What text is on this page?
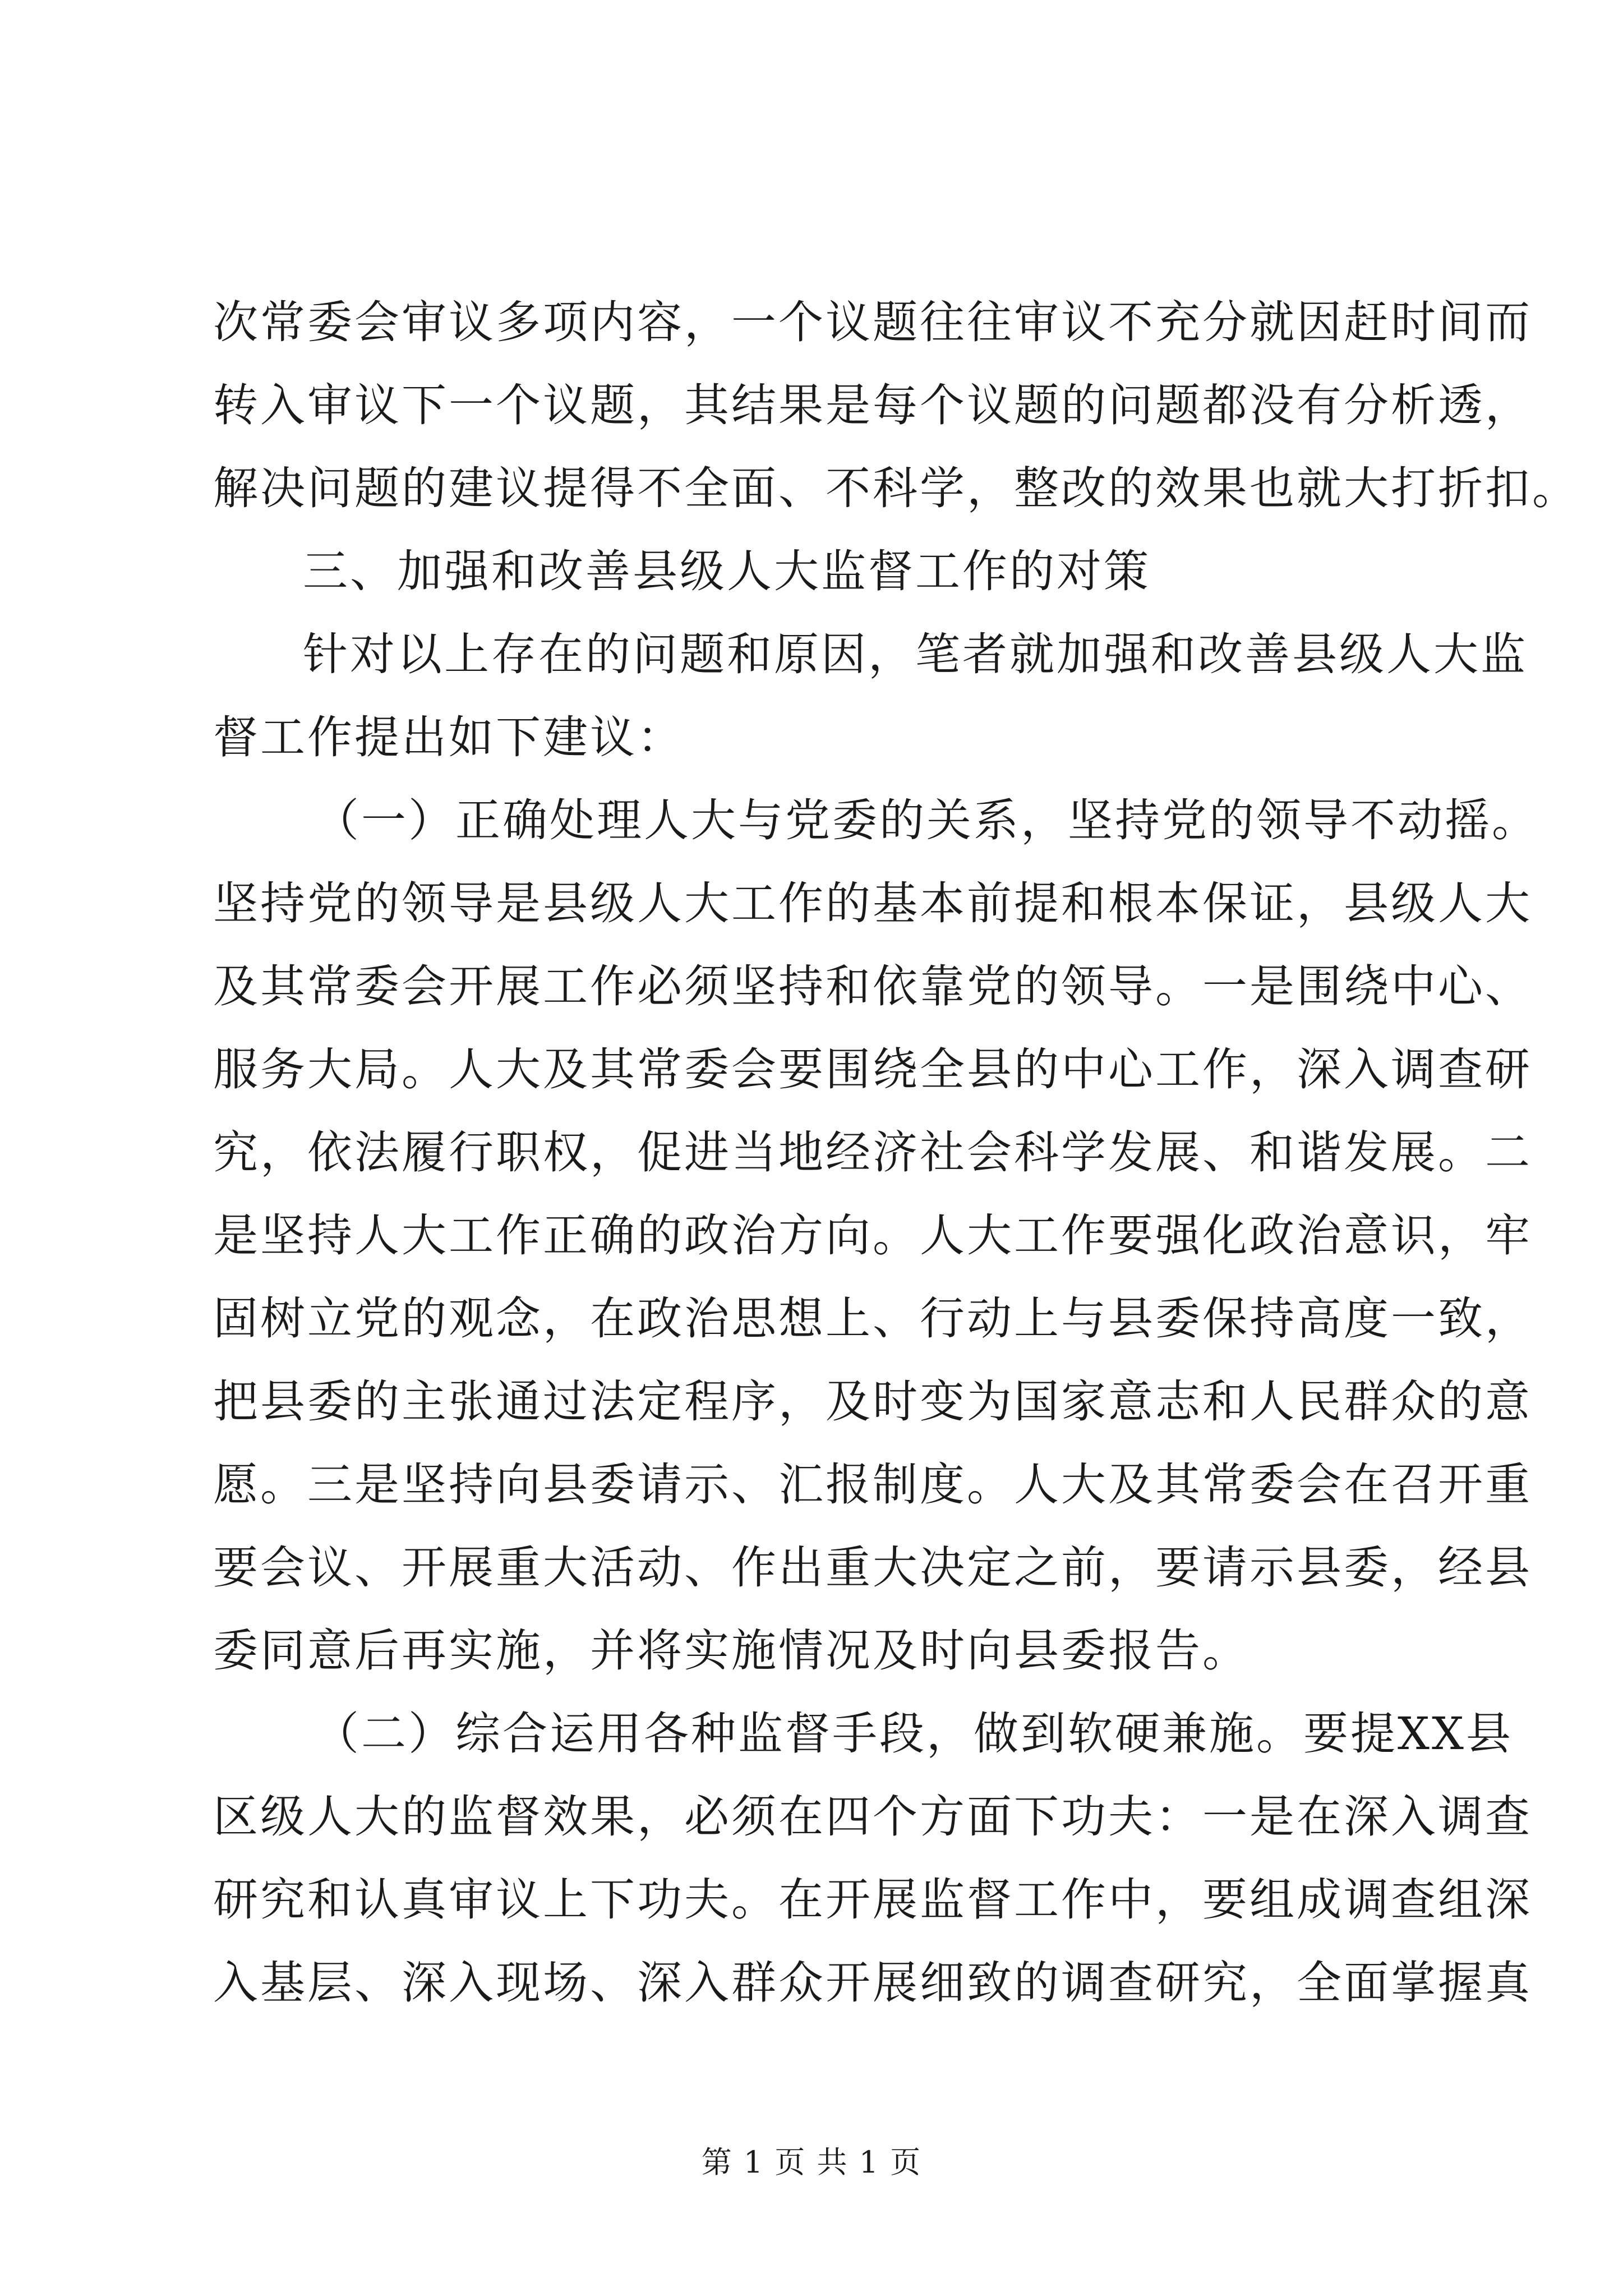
次常委会审议多项内容，一个议题往往审议不充分就因赶时间而
转入审议下一个议题，其结果是每个议题的问题都没有分析透，
解决问题的建议提得不全面、不科学，整改的效果也就大打折扣。
三、加强和改善县级人大监督工作的对策
针对以上存在的问题和原因，笔者就加强和改善县级人大监
督工作提出如下建议：
（一）正确处理人大与党委的关系，坚持党的领导不动摇。
坚持党的领导是县级人大工作的基本前提和根本保证，县级人大
及其常委会开展工作必须坚持和依靠党的领导。一是围绕中心、
服务大局。人大及其常委会要围绕全县的中心工作，深入调查研
究，依法履行职权，促进当地经济社会科学发展、和谐发展。二
是坚持人大工作正确的政治方向。人大工作要强化政治意识，牢
固树立党的观念，在政治思想上、行动上与县委保持高度一致，
把县委的主张通过法定程序，及时变为国家意志和人民群众的意
愿。三是坚持向县委请示、汇报制度。人大及其常委会在召开重
要会议、开展重大活动、作出重大决定之前，要请示县委，经县
委同意后再实施，并将实施情况及时向县委报告。
（二）综合运用各种监督手段，做到软硬兼施。要提XX县
区级人大的监督效果，必须在四个方面下功夫：一是在深入调查
研究和认真审议上下功夫。在开展监督工作中，要组成调查组深
入基层、深入现场、深入群众开展细致的调查研究，全面掌握真
第 1 页 共 1 页
